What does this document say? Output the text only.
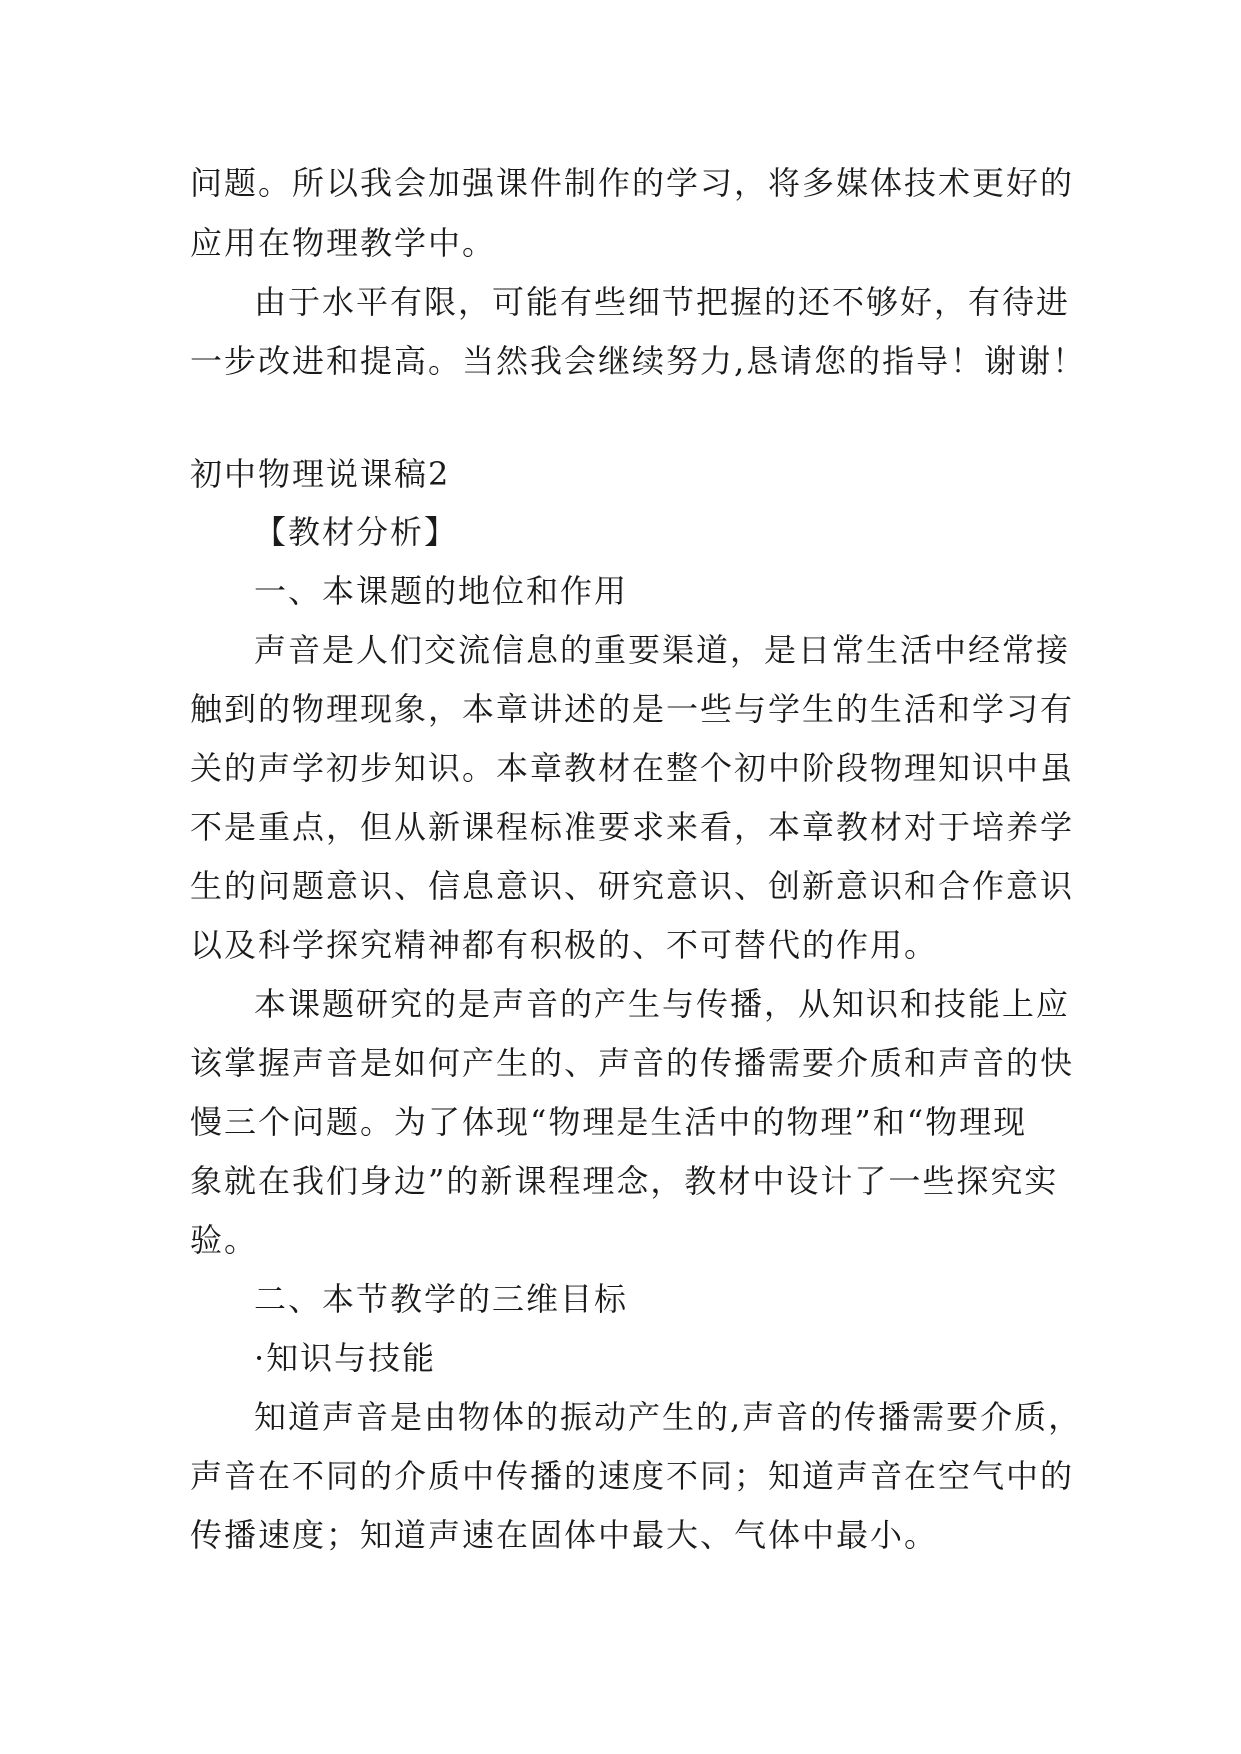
问题。所以我会加强课件制作的学习，将多媒体技术更好的
应用在物理教学中。
由于水平有限，可能有些细节把握的还不够好，有待进
一步改进和提高。当然我会继续努力,恳请您的指导！谢谢！
初中物理说课稿2
【教材分析】
一、本课题的地位和作用
声音是人们交流信息的重要渠道，是日常生活中经常接
触到的物理现象，本章讲述的是一些与学生的生活和学习有
关的声学初步知识。本章教材在整个初中阶段物理知识中虽
不是重点，但从新课程标准要求来看，本章教材对于培养学
生的问题意识、信息意识、研究意识、创新意识和合作意识
以及科学探究精神都有积极的、不可替代的作用。
本课题研究的是声音的产生与传播，从知识和技能上应
该掌握声音是如何产生的、声音的传播需要介质和声音的快
慢三个问题。为了体现“物理是生活中的物理”和“物理现
象就在我们身边”的新课程理念，教材中设计了一些探究实
验。
二、本节教学的三维目标
·知识与技能
知道声音是由物体的振动产生的,声音的传播需要介质，
声音在不同的介质中传播的速度不同；知道声音在空气中的
传播速度；知道声速在固体中最大、气体中最小。
